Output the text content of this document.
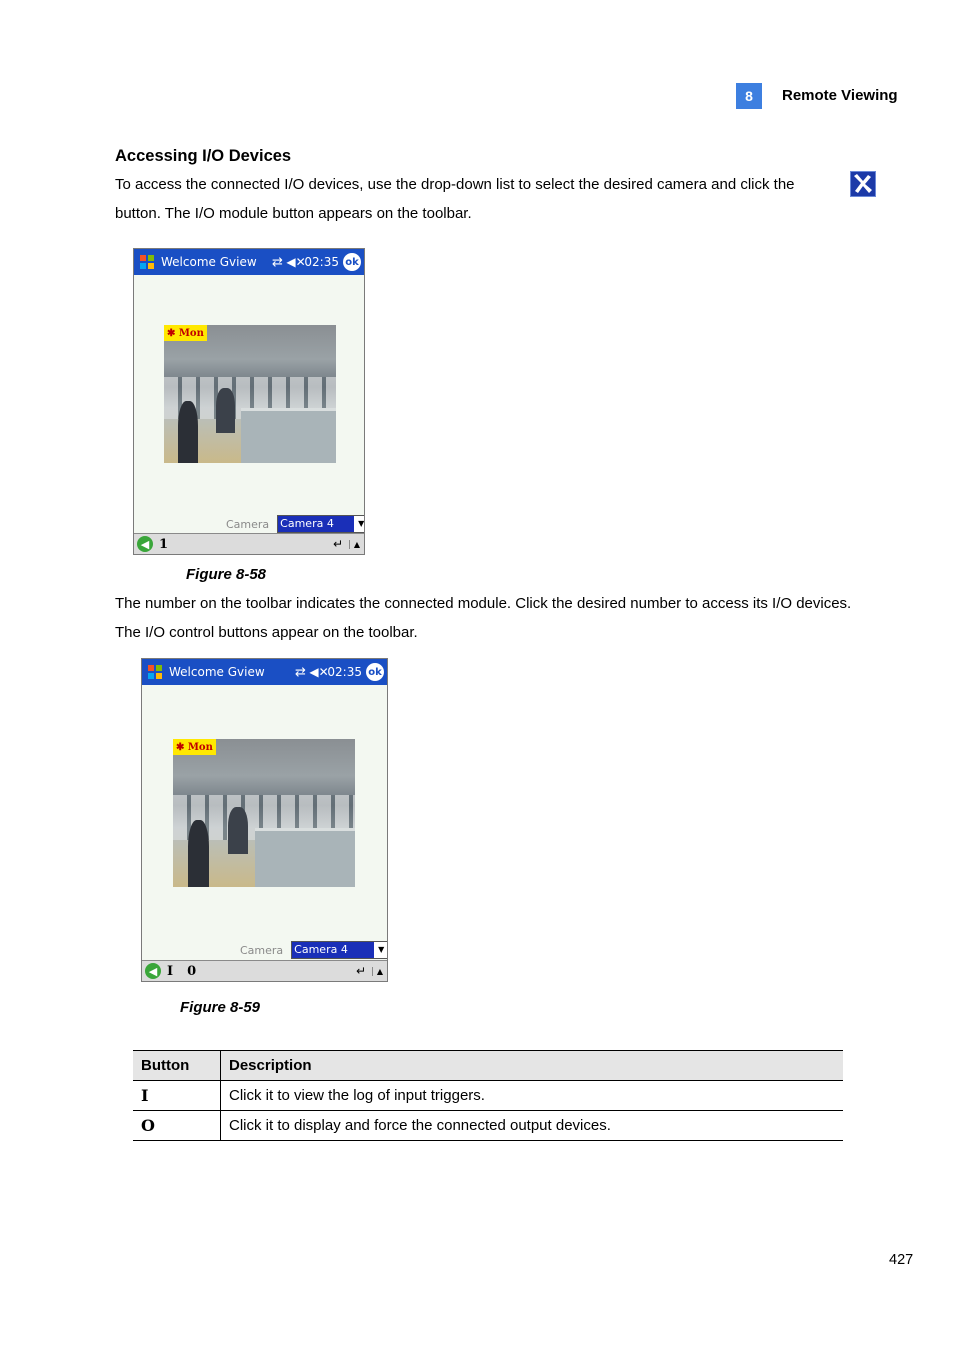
8	Remote Viewing
Accessing I/O Devices
To access the connected I/O devices, use the drop-down list to select the desired camera and click the
button. The I/O module button appears on the toolbar.
Welcome Gview	⇄ ◀✕
02:35 ok
✱ Mon
Camera Camera 4	▼
◀ 1	↵	▲
Figure 8-58
The number on the toolbar indicates the connected module. Click the desired number to access its I/O devices. The I/O control buttons appear on the toolbar.
Welcome Gview	⇄ ◀✕
02:35 ok
✱ Mon
Camera Camera 4	▼
◀ I 0	↵	▲
Figure 8-59
Button	Description
I	Click it to view the log of input triggers.
O	Click it to display and force the connected output devices.
427
